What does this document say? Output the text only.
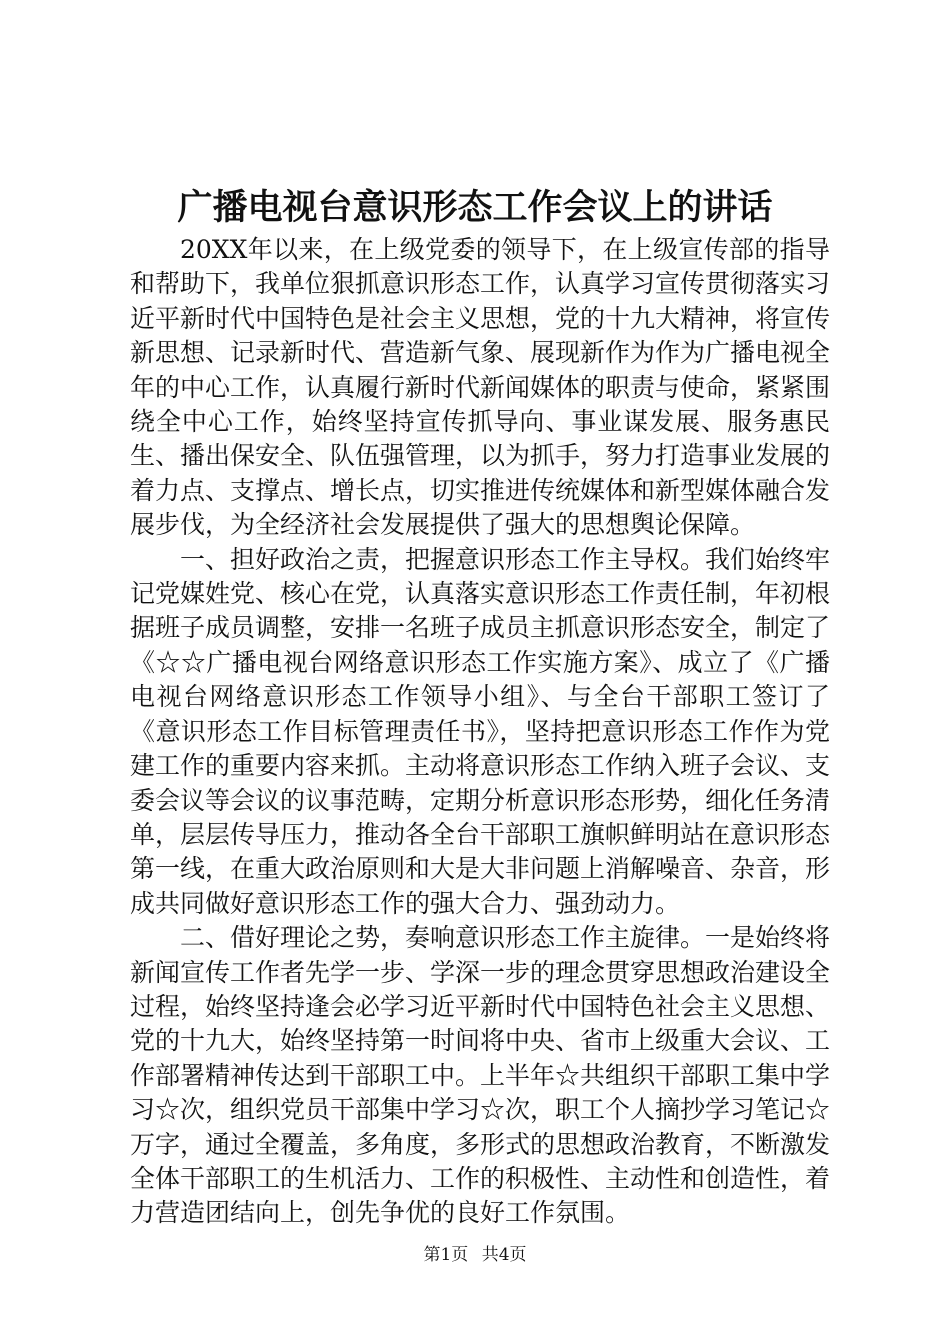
广播电视台意识形态工作会议上的讲话

20XX年以来，在上级党委的领导下，在上级宣传部的指导和帮助下，我单位狠抓意识形态工作，认真学习宣传贯彻落实习近平新时代中国特色是社会主义思想，党的十九大精神，将宣传新思想、记录新时代、营造新气象、展现新作为作为广播电视全年的中心工作，认真履行新时代新闻媒体的职责与使命，紧紧围绕全中心工作，始终坚持宣传抓导向、事业谋发展、服务惠民生、播出保安全、队伍强管理，以为抓手，努力打造事业发展的着力点、支撑点、增长点，切实推进传统媒体和新型媒体融合发展步伐，为全经济社会发展提供了强大的思想舆论保障。

一、担好政治之责，把握意识形态工作主导权。我们始终牢记党媒姓党、核心在党，认真落实意识形态工作责任制，年初根据班子成员调整，安排一名班子成员主抓意识形态安全，制定了《☆☆广播电视台网络意识形态工作实施方案》、成立了《广播电视台网络意识形态工作领导小组》、与全台干部职工签订了《意识形态工作目标管理责任书》，坚持把意识形态工作作为党建工作的重要内容来抓。主动将意识形态工作纳入班子会议、支委会议等会议的议事范畴，定期分析意识形态形势，细化任务清单，层层传导压力，推动各全台干部职工旗帜鲜明站在意识形态第一线，在重大政治原则和大是大非问题上消解噪音、杂音，形成共同做好意识形态工作的强大合力、强劲动力。

二、借好理论之势，奏响意识形态工作主旋律。一是始终将新闻宣传工作者先学一步、学深一步的理念贯穿思想政治建设全过程，始终坚持逢会必学习近平新时代中国特色社会主义思想、党的十九大，始终坚持第一时间将中央、省市上级重大会议、工作部署精神传达到干部职工中。上半年☆共组织干部职工集中学习☆次，组织党员干部集中学习☆次，职工个人摘抄学习笔记☆万字，通过全覆盖，多角度，多形式的思想政治教育，不断激发全体干部职工的生机活力、工作的积极性、主动性和创造性，着力营造团结向上，创先争优的良好工作氛围。

第1页 共4页
